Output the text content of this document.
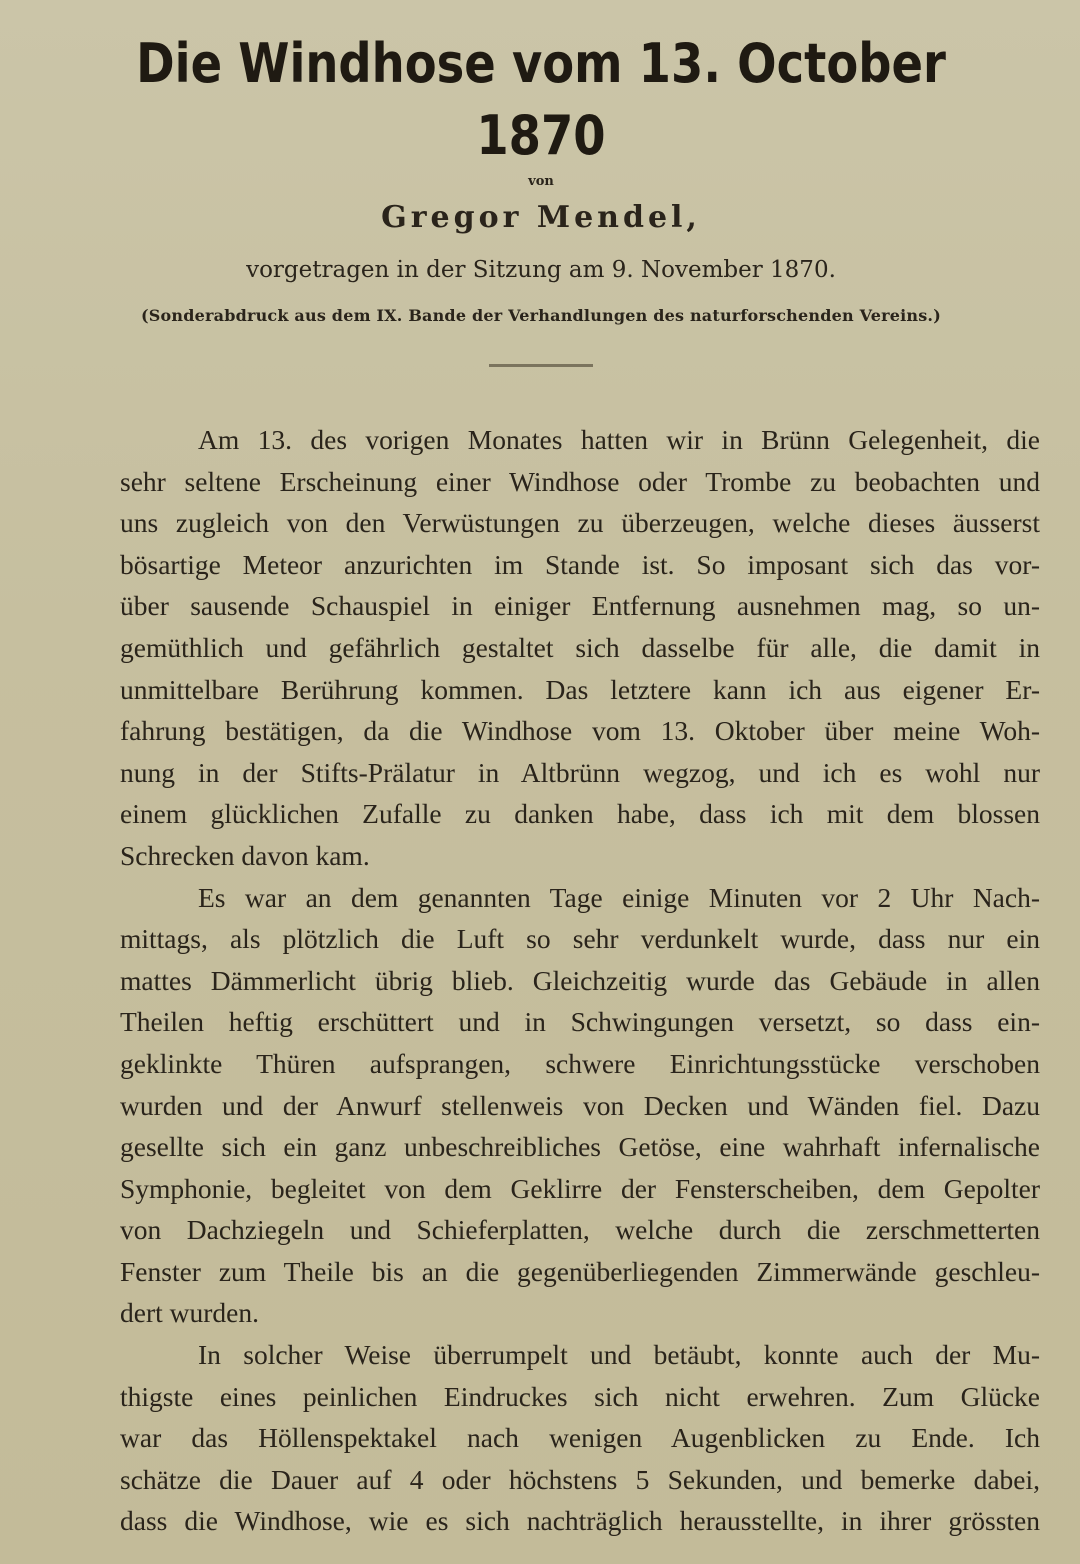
Die Windhose vom 13. October 1870
von
Gregor Mendel,
vorgetragen in der Sitzung am 9. November 1870.
(Sonderabdruck aus dem IX. Bande der Verhandlungen des naturforschenden Vereins.)
Am 13. des vorigen Monates hatten wir in Brünn Gelegenheit, die
sehr seltene Erscheinung einer Windhose oder Trombe zu beobachten und
uns zugleich von den Verwüstungen zu überzeugen, welche dieses äusserst
bösartige Meteor anzurichten im Stande ist. So imposant sich das vor-
über sausende Schauspiel in einiger Entfernung ausnehmen mag, so un-
gemüthlich und gefährlich gestaltet sich dasselbe für alle, die damit in
unmittelbare Berührung kommen. Das letztere kann ich aus eigener Er-
fahrung bestätigen, da die Windhose vom 13. Oktober über meine Woh-
nung in der Stifts-Prälatur in Altbrünn wegzog, und ich es wohl nur
einem glücklichen Zufalle zu danken habe, dass ich mit dem blossen
Schrecken davon kam.
Es war an dem genannten Tage einige Minuten vor 2 Uhr Nach-
mittags, als plötzlich die Luft so sehr verdunkelt wurde, dass nur ein
mattes Dämmerlicht übrig blieb. Gleichzeitig wurde das Gebäude in allen
Theilen heftig erschüttert und in Schwingungen versetzt, so dass ein-
geklinkte Thüren aufsprangen, schwere Einrichtungsstücke verschoben
wurden und der Anwurf stellenweis von Decken und Wänden fiel. Dazu
gesellte sich ein ganz unbeschreibliches Getöse, eine wahrhaft infernalische
Symphonie, begleitet von dem Geklirre der Fensterscheiben, dem Gepolter
von Dachziegeln und Schieferplatten, welche durch die zerschmetterten
Fenster zum Theile bis an die gegenüberliegenden Zimmerwände geschleu-
dert wurden.
In solcher Weise überrumpelt und betäubt, konnte auch der Mu-
thigste eines peinlichen Eindruckes sich nicht erwehren. Zum Glücke
war das Höllenspektakel nach wenigen Augenblicken zu Ende. Ich
schätze die Dauer auf 4 oder höchstens 5 Sekunden, und bemerke dabei,
dass die Windhose, wie es sich nachträglich herausstellte, in ihrer grössten
